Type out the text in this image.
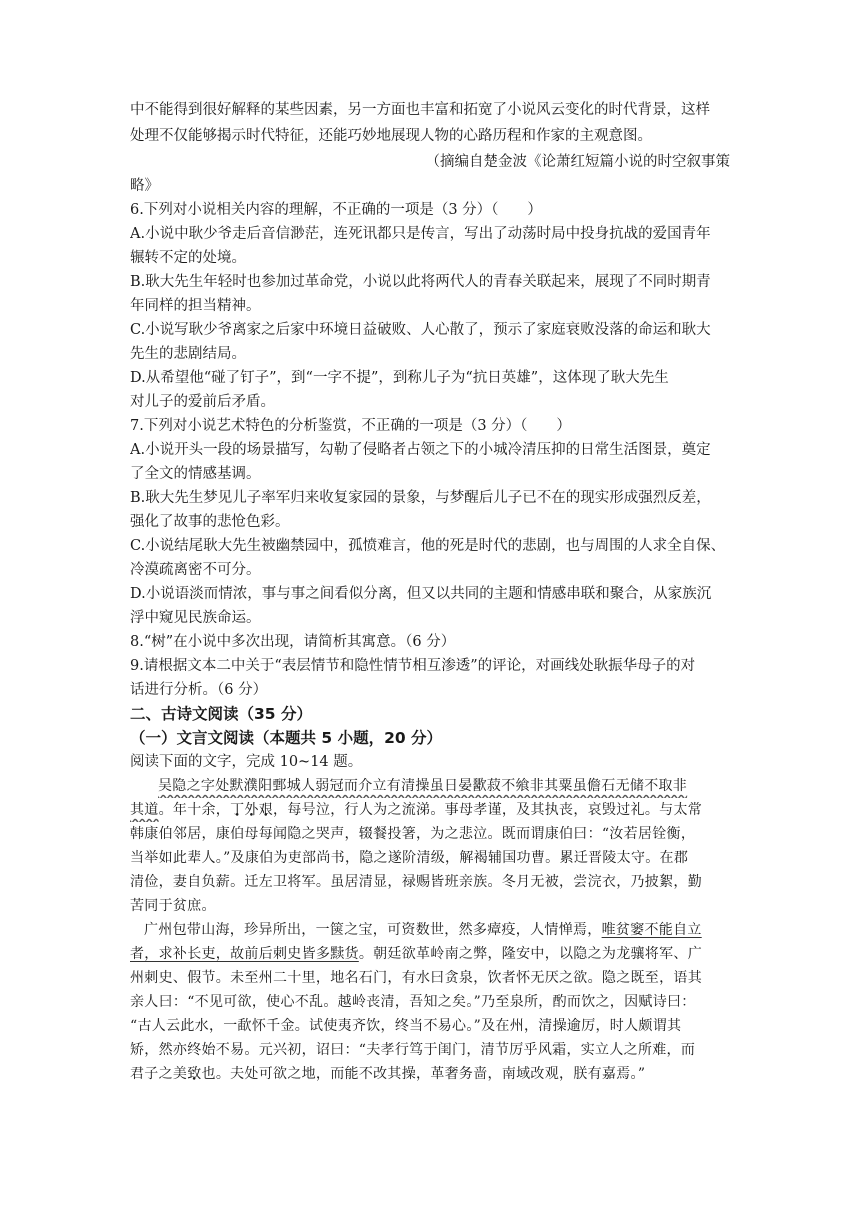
中不能得到很好解释的某些因素，另一方面也丰富和拓宽了小说风云变化的时代背景，这样
处理不仅能够揭示时代特征，还能巧妙地展现人物的心路历程和作家的主观意图。
（摘编自楚金波《论萧红短篇小说的时空叙事策
略》
6.下列对小说相关内容的理解，不正确的一项是（3 分）（　　）
A.小说中耿少爷走后音信渺茫，连死讯都只是传言，写出了动荡时局中投身抗战的爱国青年
辗转不定的处境。
B.耿大先生年轻时也参加过革命党，小说以此将两代人的青春关联起来，展现了不同时期青
年同样的担当精神。
C.小说写耿少爷离家之后家中环境日益破败、人心散了，预示了家庭衰败没落的命运和耿大
先生的悲剧结局。
D.从希望他“碰了钉子”，到“一字不提”，到称儿子为“抗日英雄”，这体现了耿大先生
对儿子的爱前后矛盾。
7.下列对小说艺术特色的分析鉴赏，不正确的一项是（3 分）（　　）
A.小说开头一段的场景描写，勾勒了侵略者占领之下的小城冷清压抑的日常生活图景，奠定
了全文的情感基调。
B.耿大先生梦见儿子率军归来收复家园的景象，与梦醒后儿子已不在的现实形成强烈反差，
强化了故事的悲怆色彩。
C.小说结尾耿大先生被幽禁园中，孤愤难言，他的死是时代的悲剧，也与周围的人求全自保、
冷漠疏离密不可分。
D.小说语淡而情浓，事与事之间看似分离，但又以共同的主题和情感串联和聚合，从家族沉
浮中窥见民族命运。
8.“树”在小说中多次出现，请简析其寓意。（6 分）
9.请根据文本二中关于“表层情节和隐性情节相互渗透”的评论，对画线处耿振华母子的对
话进行分析。（6 分）
二、古诗文阅读（35 分）
（一）文言文阅读（本题共 5 小题，20 分）
阅读下面的文字，完成 10~14 题。
吴隐之字处默濮阳鄄城人弱冠而介立有清操虽日晏歠菽不飨非其粟虽儋石无储不取非
其道。年十余，丁外艰，每号泣，行人为之流涕。事母孝谨，及其执丧，哀毁过礼。与太常
韩康伯邻居，康伯母每闻隐之哭声，辍餐投箸，为之悲泣。既而谓康伯曰：“汝若居铨衡，
当举如此辈人。”及康伯为吏部尚书，隐之遂阶清级，解褐辅国功曹。累迁晋陵太守。在郡
清俭，妻自负薪。迁左卫将军。虽居清显，禄赐皆班亲族。冬月无被，尝浣衣，乃披絮，勤
苦同于贫庶。
广州包带山海，珍异所出，一箧之宝，可资数世，然多瘴疫，人情惮焉，唯贫窭不能自立
者，求补长吏，故前后刺史皆多黩货。朝廷欲革岭南之弊，隆安中，以隐之为龙骧将军、广
州刺史、假节。未至州二十里，地名石门，有水曰贪泉，饮者怀无厌之欲。隐之既至，语其
亲人曰：“不见可欲，使心不乱。越岭丧清，吾知之矣。”乃至泉所，酌而饮之，因赋诗曰：
“古人云此水，一歃怀千金。试使夷齐饮，终当不易心。”及在州，清操逾厉，时人颇谓其
矫，然亦终始不易。元兴初，诏曰：“夫孝行笃于闺门，清节厉乎风霜，实立人之所难，而
君子之美致也。夫处可欲之地，而能不改其操，革奢务啬，南域改观，朕有嘉焉。”
